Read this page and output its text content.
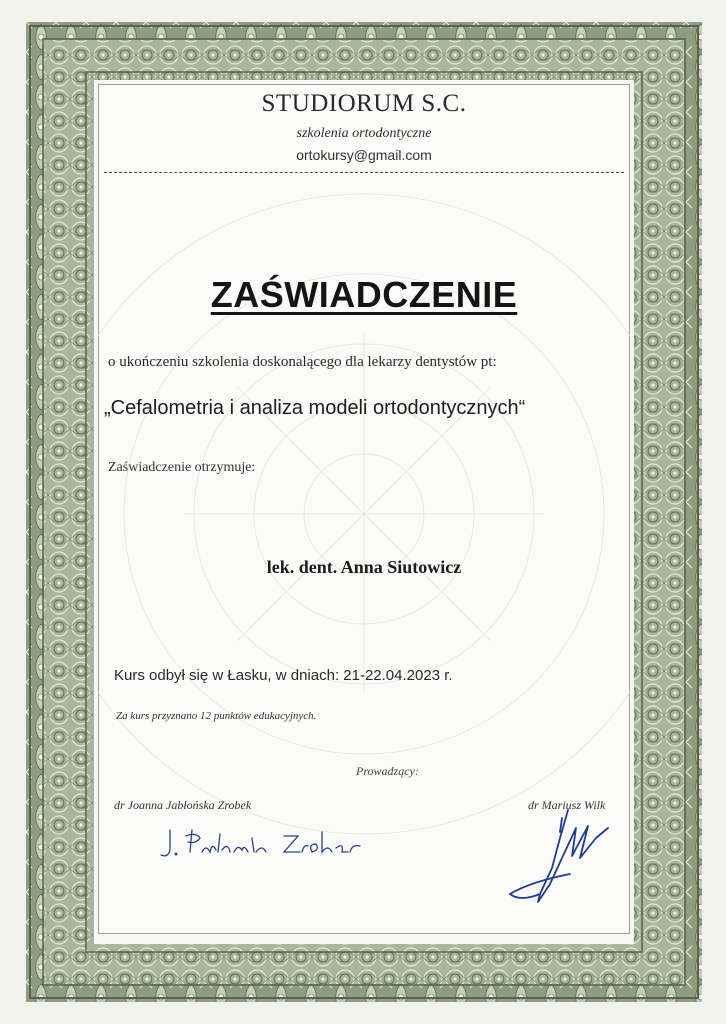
STUDIORUM S.C.
szkolenia ortodontyczne
ortokursy@gmail.com
ZAŚWIADCZENIE
o ukończeniu szkolenia doskonalącego dla lekarzy dentystów pt:
„Cefalometria i analiza modeli ortodontycznych“
Zaświadczenie otrzymuje:
lek. dent. Anna Siutowicz
Kurs odbył się w Łasku, w dniach: 21-22.04.2023 r.
Za kurs przyznano 12 punktów edukacyjnych.
Prowadzący:
dr Joanna Jabłońska Zrobek	dr Mariusz Wilk
